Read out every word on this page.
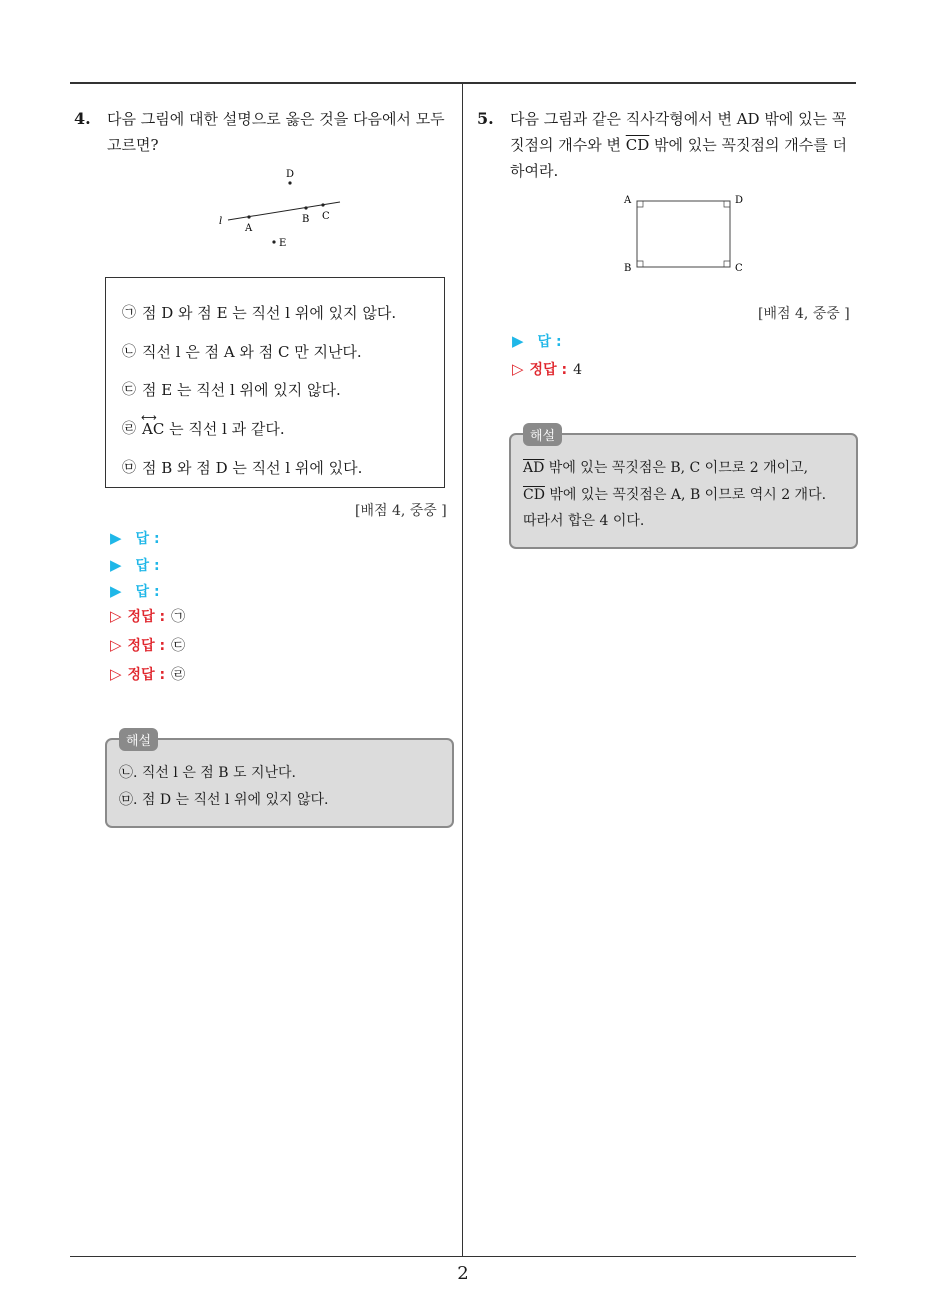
4. 다음 그림에 대한 설명으로 옳은 것을 다음에서 모두
고르면?
D
l
A
B C
E
㉠ 점 D 와 점 E 는 직선 l 위에 있지 않다.
㉡ 직선 l 은 점 A 와 점 C 만 지난다.
㉢ 점 E 는 직선 l 위에 있지 않다.
㉣
⟷
AC 는 직선 l 과 같다.
㉤ 점 B 와 점 D 는 직선 l 위에 있다.
[배점 4, 중중 ]
▶ 답 :
▶ 답 :
▶ 답 :
▷ 정답 : ㉠
▷ 정답 : ㉢
▷ 정답 : ㉣
해설
㉡. 직선 l 은 점 B 도 지난다.
㉤. 점 D 는 직선 l 위에 있지 않다.
5. 다음 그림과 같은 직사각형에서 변 AD 밖에 있는 꼭
짓점의 개수와 변 $\overline{CD}$ 밖에 있는 꼭짓점의 개수를 더
하여라.
A	D
B	C
[배점 4, 중중 ]
▶ 답 :
▷ 정답 : 4
해설
$\overline{AD}$ 밖에 있는 꼭짓점은 B, C 이므로 2 개이고,
$\overline{CD}$ 밖에 있는 꼭짓점은 A, B 이므로 역시 2 개다.
따라서 합은 4 이다.
2
